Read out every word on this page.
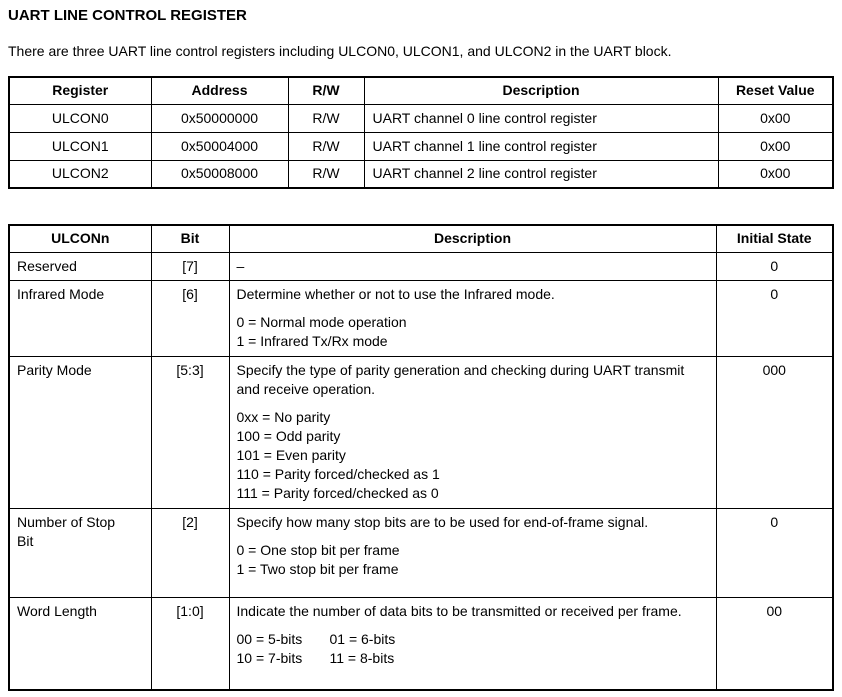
UART LINE CONTROL REGISTER

There are three UART line control registers including ULCON0, ULCON1, and ULCON2 in the UART block.

Register	Address	R/W	Description	Reset Value
ULCON0	0x50000000	R/W	UART channel 0 line control register	0x00
ULCON1	0x50004000	R/W	UART channel 1 line control register	0x00
ULCON2	0x50008000	R/W	UART channel 2 line control register	0x00
ULCONn	Bit	Description	Initial State
Reserved	[7]	–	0
Infrared Mode	[6]	Determine whether or not to use the Infrared mode.
0 = Normal mode operation
1 = Infrared Tx/Rx mode	0
Parity Mode	[5:3]	Specify the type of parity generation and checking during UART transmit and receive operation.
0xx = No parity
100 = Odd parity
101 = Even parity
110 = Parity forced/checked as 1
111 = Parity forced/checked as 0
	000
Number of Stop Bit	[2]	Specify how many stop bits are to be used for end-of-frame signal.
0 = One stop bit per frame
1 = Two stop bit per frame	0
Word Length	[1:0]	Indicate the number of data bits to be transmitted or received per frame.
00 = 5-bits       01 = 6-bits
10 = 7-bits       11 = 8-bits	00
